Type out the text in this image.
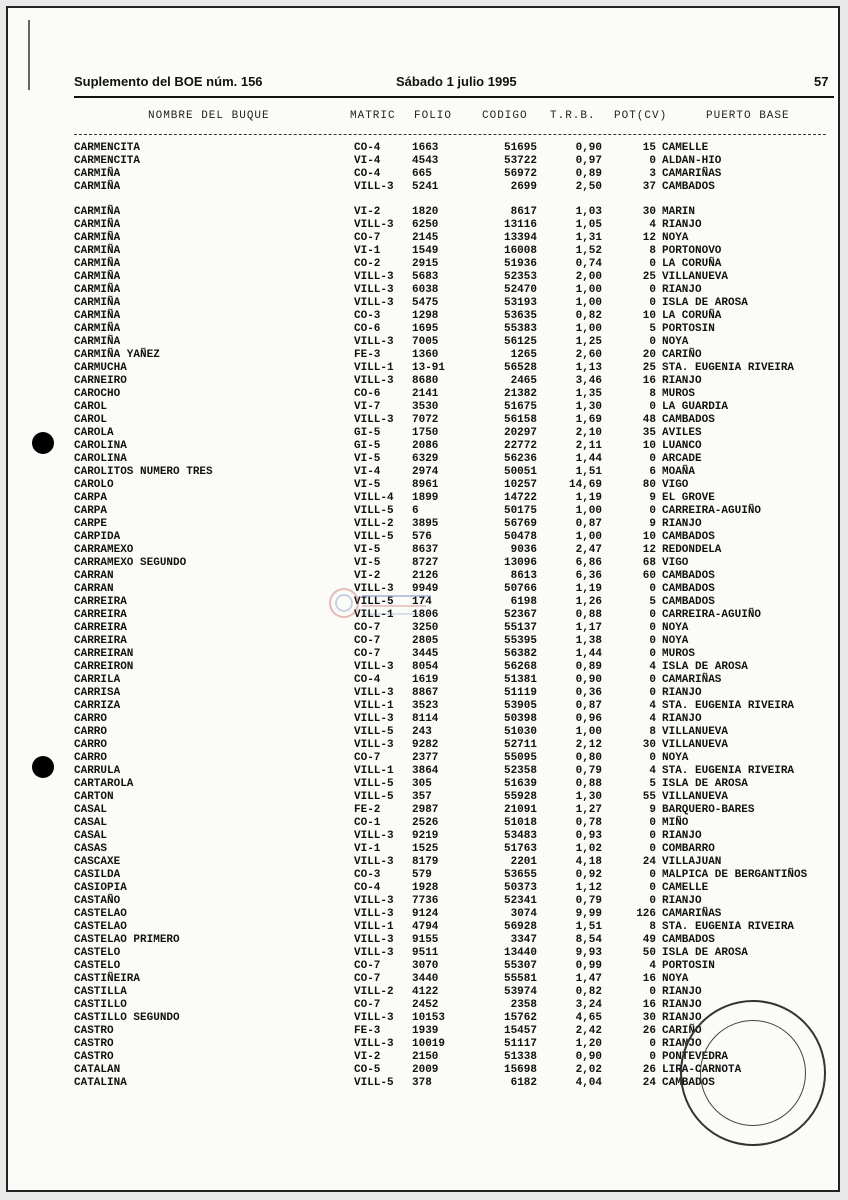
Suplemento del BOE núm. 156	Sábado 1 julio 1995	57
NOMBRE DEL BUQUE	MATRIC FOLIO	CODIGO T.R.B. POT(CV)	PUERTO BASE
CARMENCITA	CO-4	1663	51695	0,90	15 CAMELLE
CARMENCITA	VI-4	4543	53722	0,97	0 ALDAN-HIO
CARMIÑA	CO-4	665	56972	0,89	3 CAMARIÑAS
CARMIÑA	VILL-3 5241	2699	2,50	37 CAMBADOS
CARMIÑA	VI-2	1820	8617	1,03	30 MARIN
CARMIÑA	VILL-3 6250	13116	1,05	4 RIANJO
CARMIÑA	CO-7	2145	13394	1,31	12 NOYA
CARMIÑA	VI-1	1549	16008	1,52	8 PORTONOVO
CARMIÑA	CO-2	2915	51936	0,74	0 LA CORUÑA
CARMIÑA	VILL-3 5683	52353	2,00	25 VILLANUEVA
CARMIÑA	VILL-3 6038	52470	1,00	0 RIANJO
CARMIÑA	VILL-3 5475	53193	1,00	0 ISLA DE AROSA
CARMIÑA	CO-3	1298	53635	0,82	10 LA CORUÑA
CARMIÑA	CO-6	1695	55383	1,00	5 PORTOSIN
CARMIÑA	VILL-3 7005	56125	1,25	0 NOYA
CARMIÑA YAÑEZ	FE-3	1360	1265	2,60	20 CARIÑO
CARMUCHA	VILL-1 13-91	56528	1,13	25 STA. EUGENIA RIVEIRA
CARNEIRO	VILL-3 8680	2465	3,46	16 RIANJO
CAROCHO	CO-6	2141	21382	1,35	8 MUROS
CAROL	VI-7	3530	51675	1,30	0 LA GUARDIA
CAROL	VILL-3 7072	56158	1,69	48 CAMBADOS
CAROLA	GI-5	1750	20297	2,10	35 AVILES
CAROLINA	GI-5	2086	22772	2,11	10 LUANCO
CAROLINA	VI-5	6329	56236	1,44	0 ARCADE
CAROLITOS NUMERO TRES	VI-4	2974	50051	1,51	6 MOAÑA
CAROLO	VI-5	8961	10257	14,69	80 VIGO
CARPA	VILL-4 1899	14722	1,19	9 EL GROVE
CARPA	VILL-5 6	50175	1,00	0 CARREIRA-AGUIÑO
CARPE	VILL-2 3895	56769	0,87	9 RIANJO
CARPIDA	VILL-5 576	50478	1,00	10 CAMBADOS
CARRAMEXO	VI-5	8637	9036	2,47	12 REDONDELA
CARRAMEXO SEGUNDO	VI-5	8727	13096	6,86	68 VIGO
CARRAN	VI-2	2126	8613	6,36	60 CAMBADOS
CARRAN	VILL-3 9949	50766	1,19	0 CAMBADOS
CARREIRA	VILL-5 174	6198	1,26	5 CAMBADOS
CARREIRA	VILL-1 1806	52367	0,88	0 CARREIRA-AGUIÑO
CARREIRA	CO-7	3250	55137	1,17	0 NOYA
CARREIRA	CO-7	2805	55395	1,38	0 NOYA
CARREIRAN	CO-7	3445	56382	1,44	0 MUROS
CARREIRON	VILL-3 8054	56268	0,89	4 ISLA DE AROSA
CARRILA	CO-4	1619	51381	0,90	0 CAMARIÑAS
CARRISA	VILL-3 8867	51119	0,36	0 RIANJO
CARRIZA	VILL-1 3523	53905	0,87	4 STA. EUGENIA RIVEIRA
CARRO	VILL-3 8114	50398	0,96	4 RIANJO
CARRO	VILL-5 243	51030	1,00	8 VILLANUEVA
CARRO	VILL-3 9282	52711	2,12	30 VILLANUEVA
CARRO	CO-7	2377	55095	0,80	0 NOYA
CARRULA	VILL-1 3864	52358	0,79	4 STA. EUGENIA RIVEIRA
CARTAROLA	VILL-5 305	51639	0,88	5 ISLA DE AROSA
CARTON	VILL-5 357	55928	1,30	55 VILLANUEVA
CASAL	FE-2	2987	21091	1,27	9 BARQUERO-BARES
CASAL	CO-1	2526	51018	0,78	0 MIÑO
CASAL	VILL-3 9219	53483	0,93	0 RIANJO
CASAS	VI-1	1525	51763	1,02	0 COMBARRO
CASCAXE	VILL-3 8179	2201	4,18	24 VILLAJUAN
CASILDA	CO-3	579	53655	0,92	0 MALPICA DE BERGANTIÑOS
CASIOPIA	CO-4	1928	50373	1,12	0 CAMELLE
CASTAÑO	VILL-3 7736	52341	0,79	0 RIANJO
CASTELAO	VILL-3 9124	3074	9,99	126 CAMARIÑAS
CASTELAO	VILL-1 4794	56928	1,51	8 STA. EUGENIA RIVEIRA
CASTELAO PRIMERO	VILL-3 9155	3347	8,54	49 CAMBADOS
CASTELO	VILL-3 9511	13440	9,93	50 ISLA DE AROSA
CASTELO	CO-7	3070	55307	0,99	4 PORTOSIN
CASTIÑEIRA	CO-7	3440	55581	1,47	16 NOYA
CASTILLA	VILL-2 4122	53974	0,82	0 RIANJO
CASTILLO	CO-7	2452	2358	3,24	16 RIANJO
CASTILLO SEGUNDO	VILL-3 10153	15762	4,65	30 RIANJO
CASTRO	FE-3	1939	15457	2,42	26 CARIÑO
CASTRO	VILL-3 10019	51117	1,20	0 RIANJO
CASTRO	VI-2	2150	51338	0,90	0 PONTEVEDRA
CATALAN	CO-5	2009	15698	2,02	26 LIRA-CARNOTA
CATALINA	VILL-5 378	6182	4,04	24 CAMBADOS
